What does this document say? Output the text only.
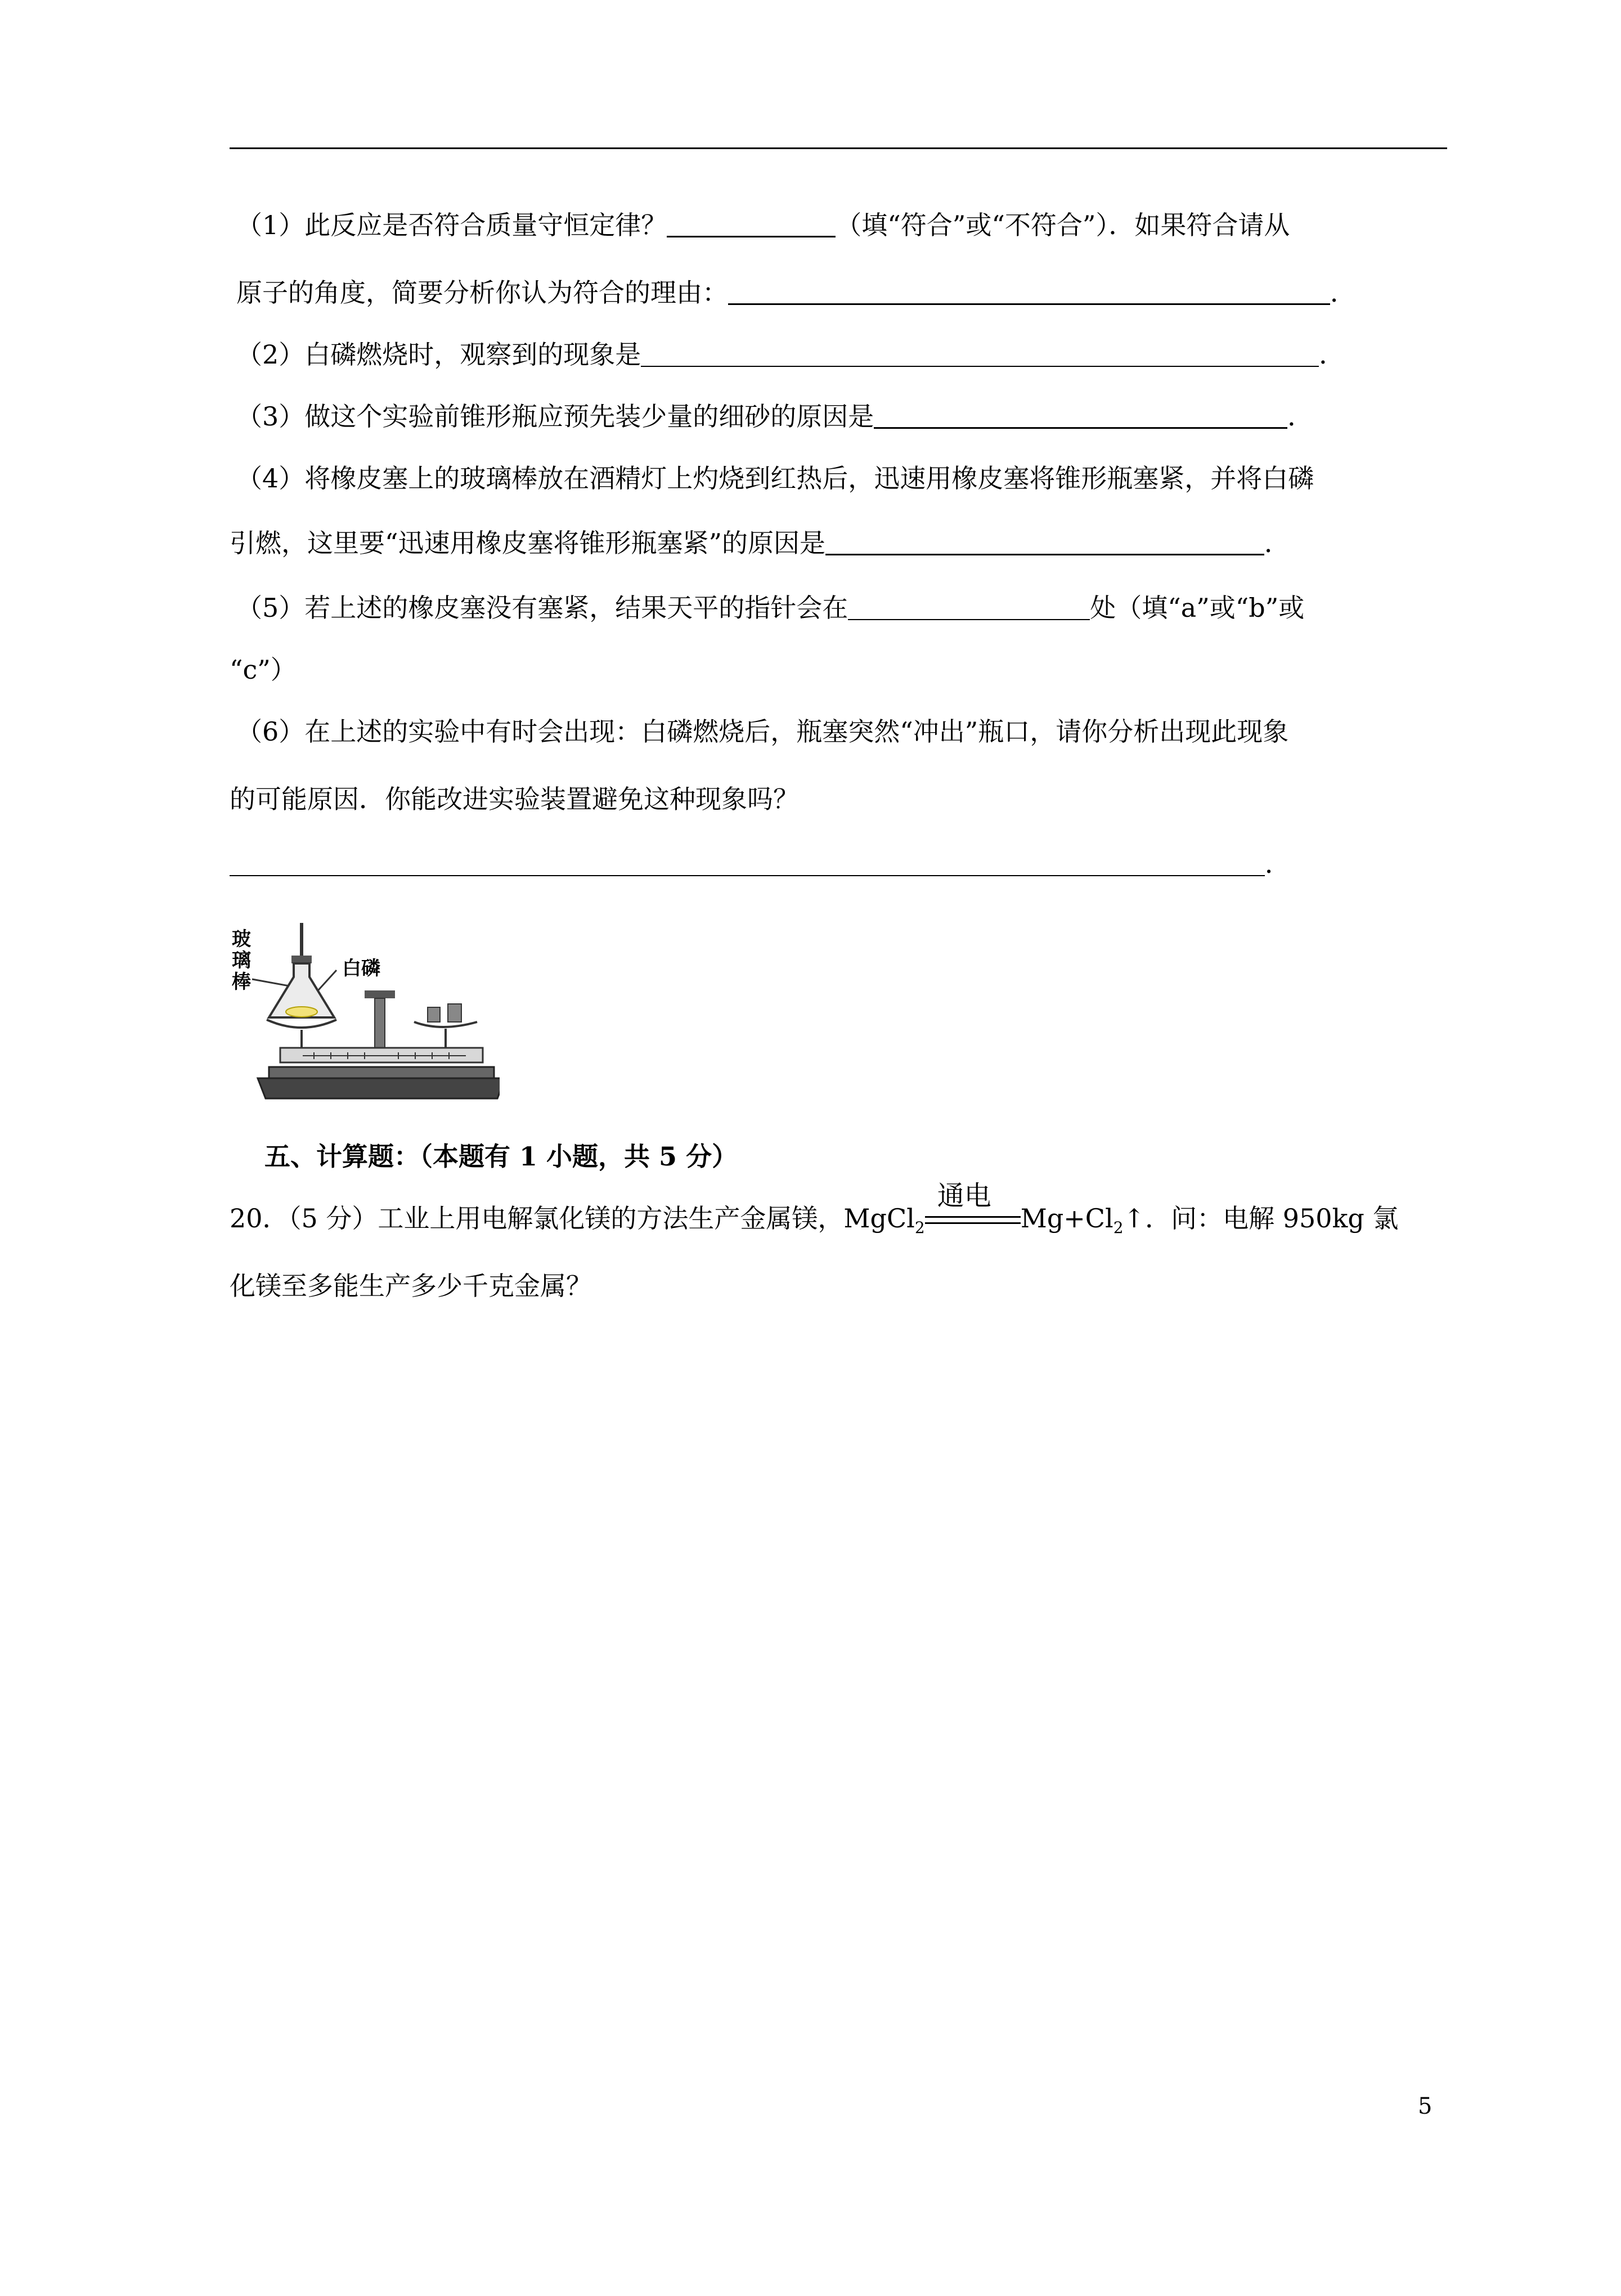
（1）此反应是否符合质量守恒定律？	（填“符合”或“不符合”）．如果符合请从
原子的角度，简要分析你认为符合的理由：	．
（2）白磷燃烧时，观察到的现象是	．
（3）做这个实验前锥形瓶应预先装少量的细砂的原因是	．
（4）将橡皮塞上的玻璃棒放在酒精灯上灼烧到红热后，迅速用橡皮塞将锥形瓶塞紧，并将白磷
引燃，这里要“迅速用橡皮塞将锥形瓶塞紧”的原因是	．
（5）若上述的橡皮塞没有塞紧，结果天平的指针会在	处（填“a”或“b”或
“c”）
（6）在上述的实验中有时会出现：白磷燃烧后，瓶塞突然“冲出”瓶口，请你分析出现此现象
的可能原因．你能改进实验装置避免这种现象吗？
．
玻
璃
棒
白磷
五、计算题：（本题有 1 小题，共 5 分）
20．（5 分）工业上用电解氯化镁的方法生产金属镁，MgCl$_2$
通电
$Mg+Cl_2↑$．问：电解 950kg 氯
化镁至多能生产多少千克金属？
5
